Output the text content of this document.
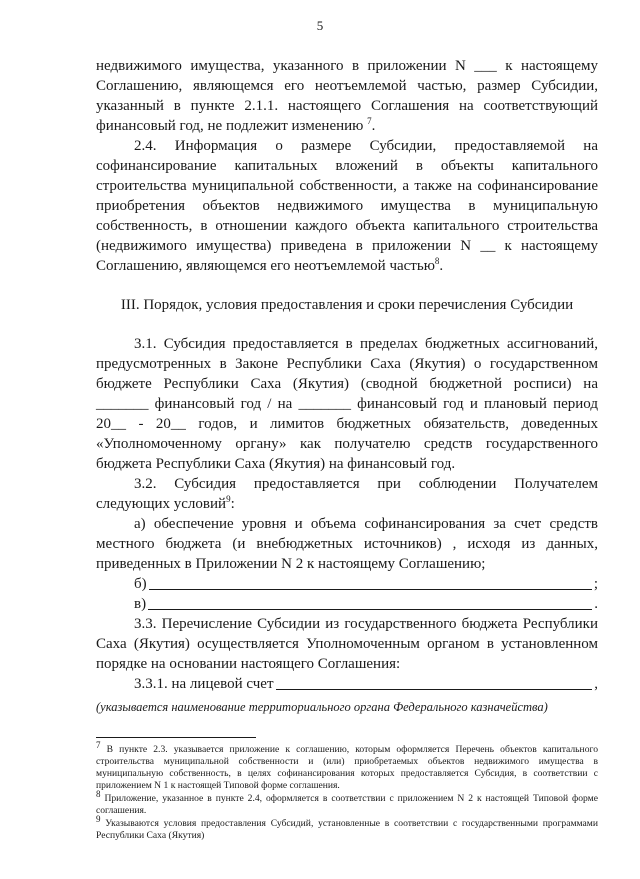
5

недвижимого имущества, указанного в приложении N ___ к настоящему Соглашению, являющемся его неотъемлемой частью, размер Субсидии, указанный в пункте 2.1.1. настоящего Соглашения на соответствующий финансовый год, не подлежит изменению $^7$.

2.4. Информация о размере Субсидии, предоставляемой на софинансирование капитальных вложений в объекты капитального строительства муниципальной собственности, а также на софинансирование приобретения объектов недвижимого имущества в муниципальную собственность, в отношении каждого объекта капитального строительства (недвижимого имущества) приведена в приложении N __ к настоящему Соглашению, являющемся его неотъемлемой частью$^8$.

III. Порядок, условия предоставления и сроки перечисления Субсидии

3.1. Субсидия предоставляется в пределах бюджетных ассигнований, предусмотренных в Законе Республики Саха (Якутия) о государственном бюджете Республики Саха (Якутия) (сводной бюджетной росписи) на _______ финансовый год / на _______ финансовый год и плановый период 20__ - 20__ годов, и лимитов бюджетных обязательств, доведенных «Уполномоченному органу» как получателю средств государственного бюджета Республики Саха (Якутия) на финансовый год.

3.2. Субсидия предоставляется при соблюдении Получателем следующих условий$^9$:

а) обеспечение уровня и объема софинансирования за счет средств местного бюджета (и внебюджетных источников) , исходя из данных, приведенных в Приложении N 2 к настоящему Соглашению;

б)	;
в)	.

3.3. Перечисление Субсидии из государственного бюджета Республики Саха (Якутия) осуществляется Уполномоченным органом в установленном порядке на основании настоящего Соглашения:

3.3.1. на лицевой счет	,

(указывается наименование территориального органа Федерального казначейства)

$^7$ В пункте 2.3. указывается приложение к соглашению, которым оформляется Перечень объектов капитального строительства муниципальной собственности и (или) приобретаемых объектов недвижимого имущества в муниципальную собственность, в целях софинансирования которых предоставляется Субсидия, в соответствии с приложением N 1 к настоящей Типовой форме соглашения.

$^8$ Приложение, указанное в пункте 2.4, оформляется в соответствии с приложением N 2 к настоящей Типовой форме соглашения.

$^9$ Указываются условия предоставления Субсидий, установленные в соответствии с государственными программами Республики Саха (Якутия)
